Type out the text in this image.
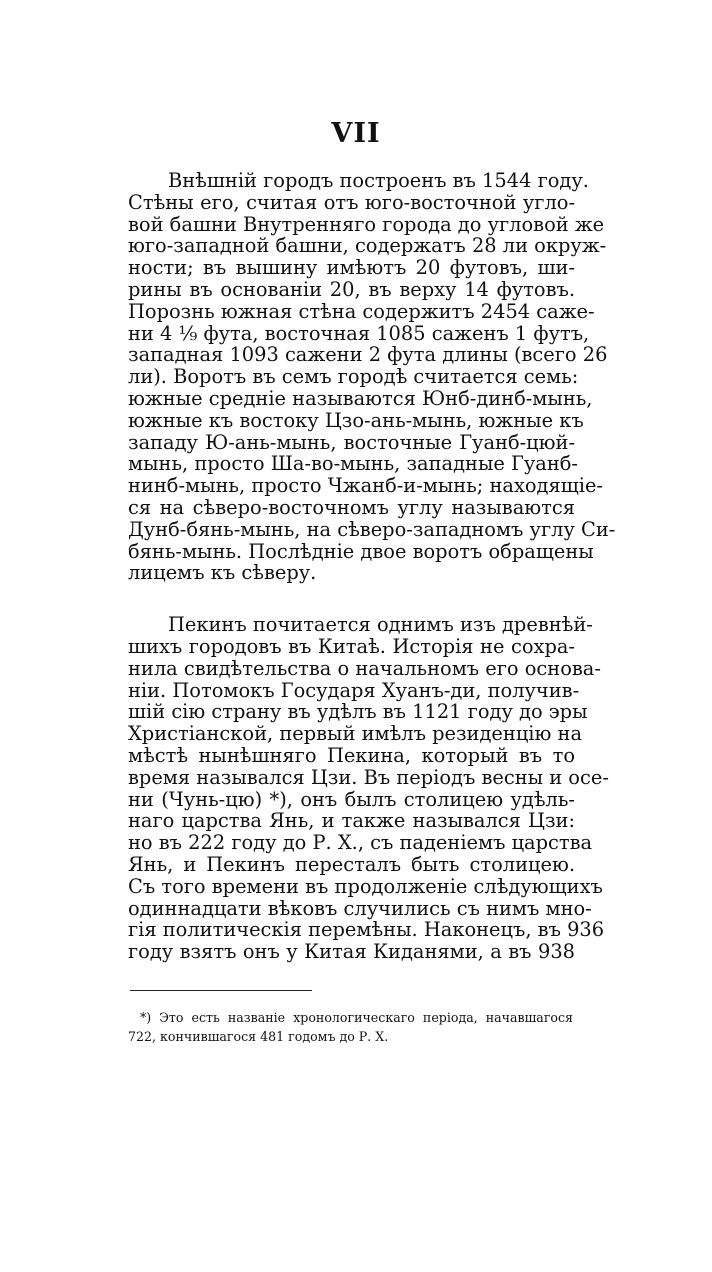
VII
Внѣшній городъ построенъ въ 1544 году.
Стѣны его, считая отъ юго-восточной угло-
вой башни Внутренняго города до угловой же
юго-западной башни, содержатъ 28 ли окруж-
ности; въ вышину имѣютъ 20 футовъ, ши-
рины въ основаніи 20, въ верху 14 футовъ.
Порознь южная стѣна содержитъ 2454 саже-
ни 4 ⅑ фута, восточная 1085 саженъ 1 футъ,
западная 1093 сажени 2 фута длины (всего 26
ли). Воротъ въ семъ городѣ считается семь:
южные средніе называются Юнб-динб-мынь,
южные къ востоку Цзо-ань-мынь, южные къ
западу Ю-ань-мынь, восточные Гуанб-цюй-
мынь, просто Ша-во-мынь, западные Гуанб-
нинб-мынь, просто Чжанб-и-мынь; находящіе-
ся на сѣверо-восточномъ углу называются
Дунб-бянь-мынь, на сѣверо-западномъ углу Си-
бянь-мынь. Послѣдніе двое воротъ обращены
лицемъ къ сѣверу.
Пекинъ почитается однимъ изъ древнѣй-
шихъ городовъ въ Китаѣ. Исторія не сохра-
нила свидѣтельства о начальномъ его основа-
ніи. Потомокъ Государя Хуанъ-ди, получив-
шій сію страну въ удѣлъ въ 1121 году до эры
Христіанской, первый имѣлъ резиденцію на
мѣстѣ нынѣшняго Пекина, который въ то
время назывался Цзи. Въ періодъ весны и осе-
ни (Чунь-цю) *), онъ былъ столицею удѣль-
наго царства Янь, и также назывался Цзи:
но въ 222 году до Р. Х., съ паденіемъ царства
Янь, и Пекинъ пересталъ быть столицею.
Съ того времени въ продолженіе слѣдующихъ
одиннадцати вѣковъ случились съ нимъ мно-
гія политическія перемѣны. Наконецъ, въ 936
году взятъ онъ у Китая Киданями, а въ 938
*) Это есть названіе хронологическаго періода, начавшагося
722, кончившагося 481 годомъ до Р. Х.
